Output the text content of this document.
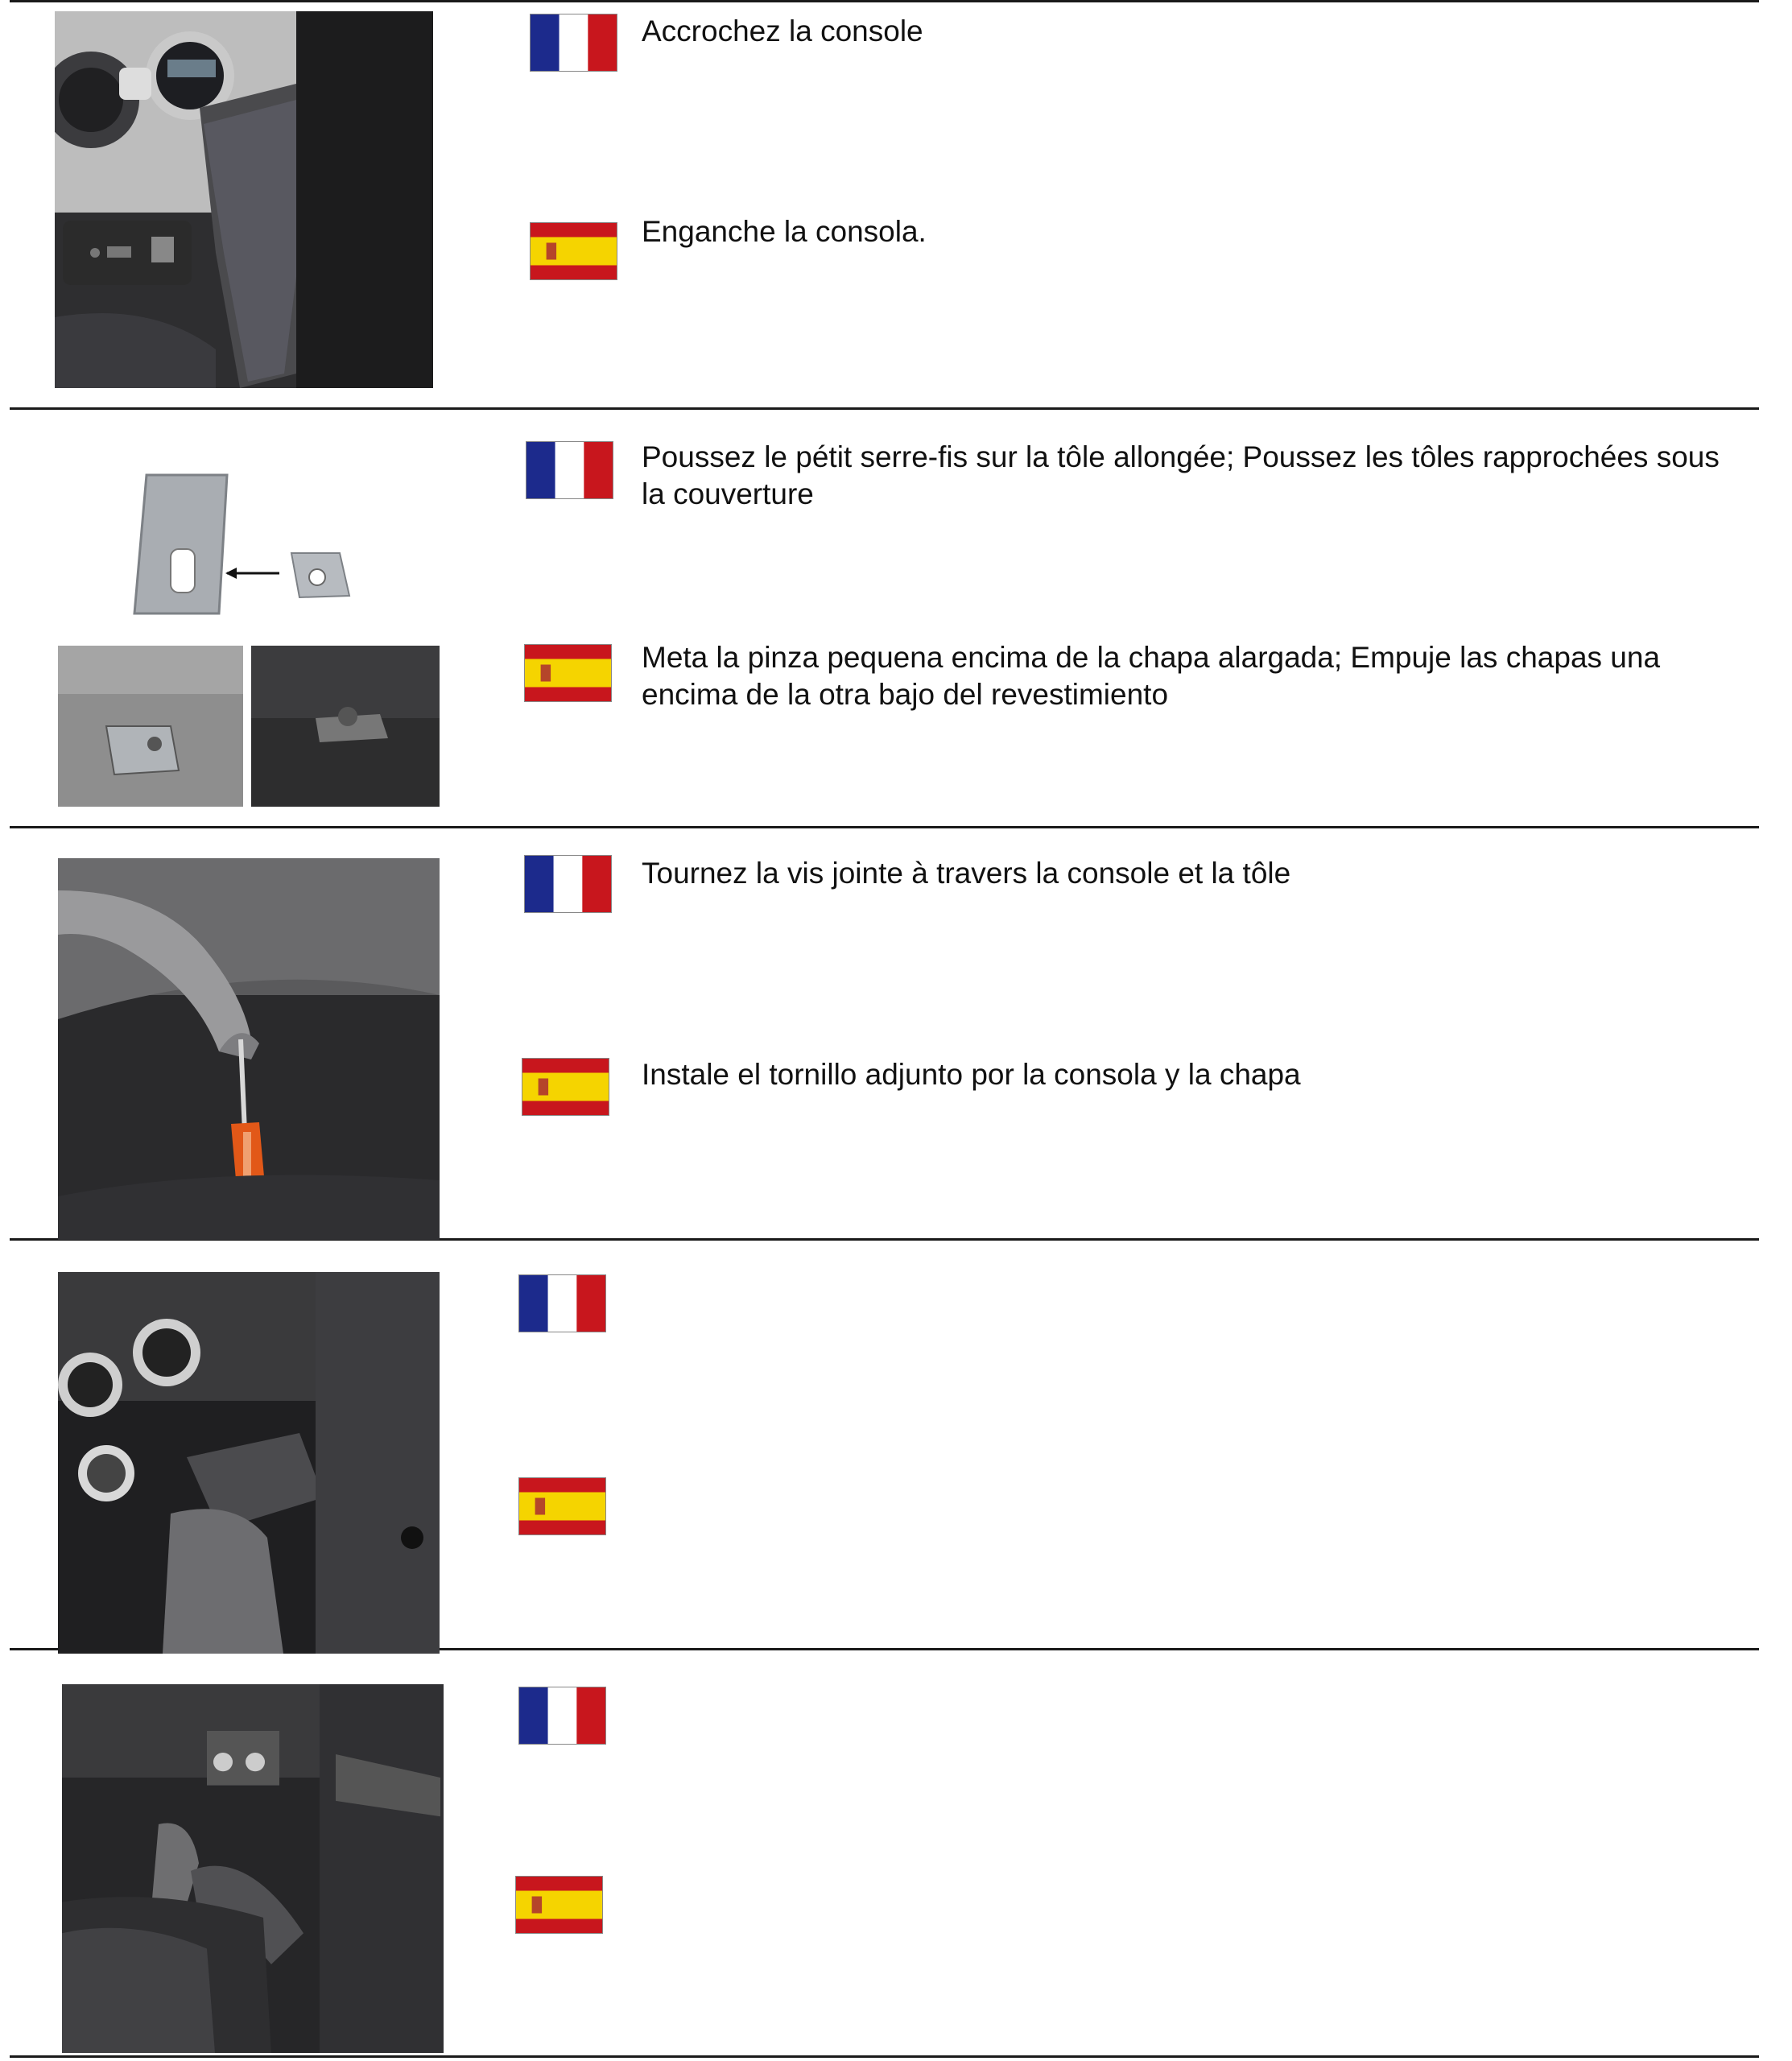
Accrochez la console
Enganche la consola.
Poussez le pétit serre-fis sur la tôle allongée; Poussez les tôles rapprochées sous la couverture
Meta la pinza pequena encima de la chapa alargada; Empuje las chapas una encima de la otra bajo del revestimiento
Tournez la vis jointe à travers la console et la tôle
Instale el tornillo adjunto por la consola y la chapa
